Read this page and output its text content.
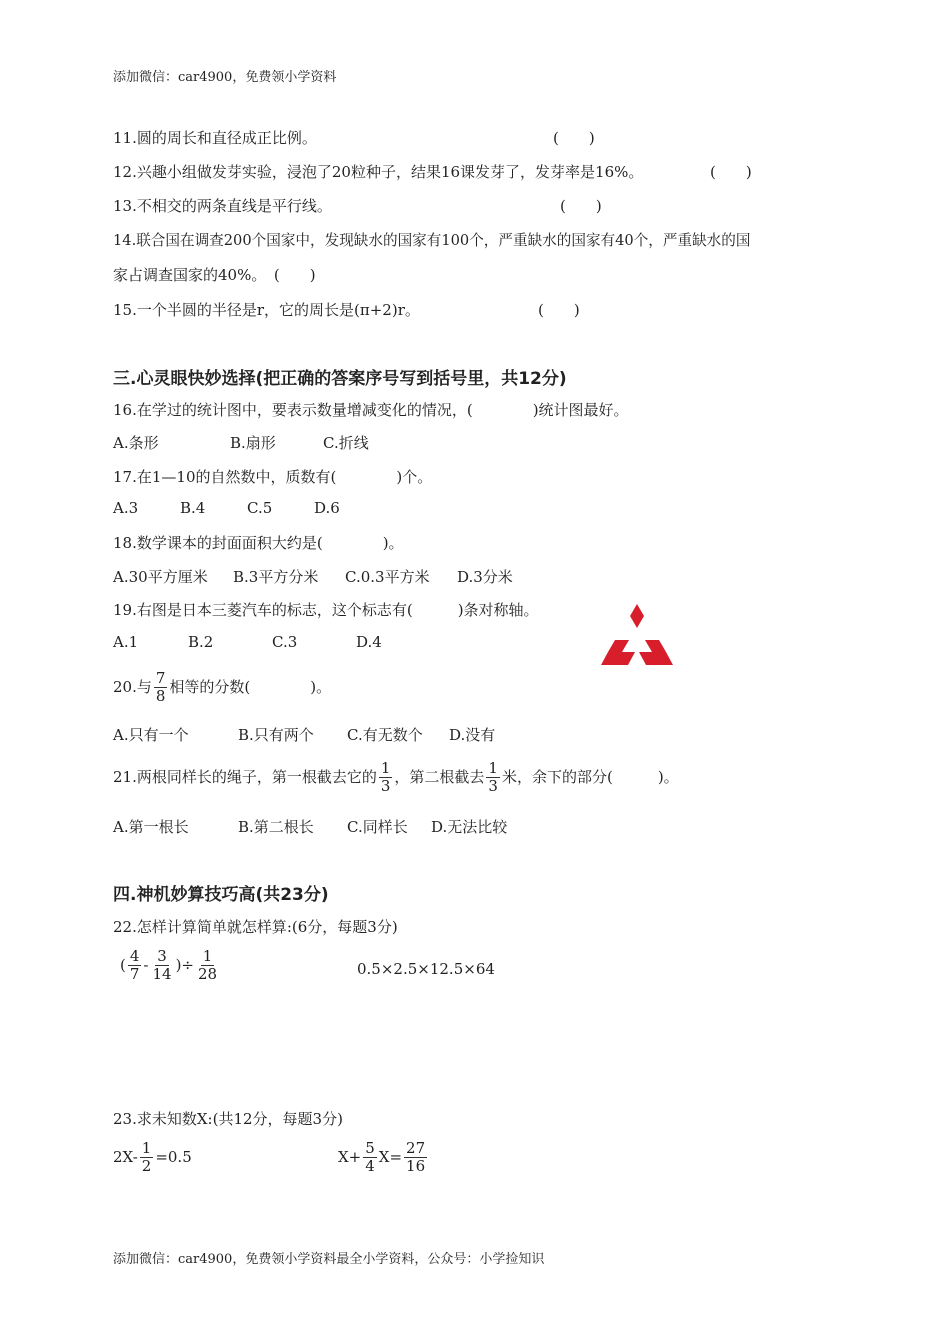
添加微信：car4900，免费领小学资料
11.圆的周长和直径成正比例。	(　　)
12.兴趣小组做发芽实验，浸泡了20粒种子，结果16课发芽了，发芽率是16%。	(　　)
13.不相交的两条直线是平行线。	(　　)
14.联合国在调查200个国家中，发现缺水的国家有100个，严重缺水的国家有40个，严重缺水的国
家占调查国家的40%。　(　　)
15.一个半圆的半径是r，它的周长是(π+2)r。	(　　)
三.心灵眼快妙选择(把正确的答案序号写到括号里，共12分)
16.在学过的统计图中，要表示数量增减变化的情况，(　　　　)统计图最好。
A.条形	B.扇形	C.折线
17.在1—10的自然数中，质数有(　　　　)个。
A.3	B.4	C.5	D.6
18.数学课本的封面面积大约是(　　　　)。
A.30平方厘米 B.3平方分米 C.0.3平方米 D.3分米
19.右图是日本三菱汽车的标志，这个标志有(　　　)条对称轴。
A.1	B.2	C.3	D.4
20.与 $\frac{7}{8}$ 相等的分数(　　　　)。
A.只有一个	B.只有两个 C.有无数个 D.没有
21.两根同样长的绳子，第一根截去它的 $\frac{1}{3}$ ，第二根截去 $\frac{1}{3}$ 米，余下的部分(　　　)。
A.第一根长	B.第二根长 C.同样长 D.无法比较
四.神机妙算技巧高(共23分)
22.怎样计算简单就怎样算:(6分，每题3分)
( $\frac{4}{7} - \frac{3}{14}$ )÷ $\frac{1}{28}$	0.5×2.5×12.5×64
23.求未知数X:(共12分，每题3分)
$2X- \frac{1}{2} =0.5$	$X+ \frac{5}{4} X= \frac{27}{16}$
添加微信：car4900，免费领小学资料最全小学资料，公众号：小学捡知识
